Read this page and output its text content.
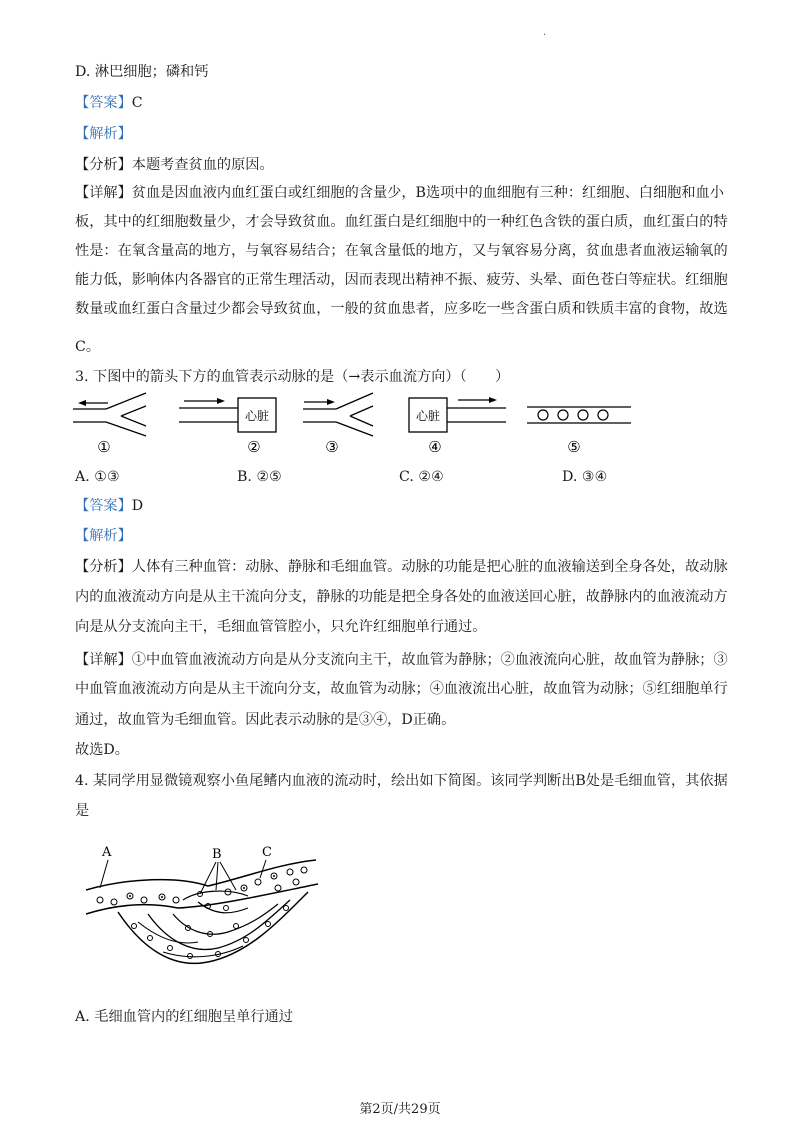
·
D. 淋巴细胞；磷和钙
【答案】C
【解析】
【分析】本题考查贫血的原因。
【详解】贫血是因血液内血红蛋白或红细胞的含量少，B选项中的血细胞有三种：红细胞、白细胞和血小
板，其中的红细胞数量少，才会导致贫血。血红蛋白是红细胞中的一种红色含铁的蛋白质，血红蛋白的特
性是：在氧含量高的地方，与氧容易结合；在氧含量低的地方，又与氧容易分离，贫血患者血液运输氧的
能力低，影响体内各器官的正常生理活动，因而表现出精神不振、疲劳、头晕、面色苍白等症状。红细胞
数量或血红蛋白含量过少都会导致贫血，一般的贫血患者，应多吃一些含蛋白质和铁质丰富的食物，故选
C。
3. 下图中的箭头下方的血管表示动脉的是（→表示血流方向）（　　）
心脏	心脏
①	②	③	④	⑤
A. ①③	B. ②⑤	C. ②④	D. ③④
【答案】D
【解析】
【分析】人体有三种血管：动脉、静脉和毛细血管。动脉的功能是把心脏的血液输送到全身各处，故动脉
内的血液流动方向是从主干流向分支，静脉的功能是把全身各处的血液送回心脏，故静脉内的血液流动方
向是从分支流向主干，毛细血管管腔小，只允许红细胞单行通过。
【详解】①中血管血液流动方向是从分支流向主干，故血管为静脉；②血液流向心脏，故血管为静脉；③
中血管血液流动方向是从主干流向分支，故血管为动脉；④血液流出心脏，故血管为动脉；⑤红细胞单行
通过，故血管为毛细血管。因此表示动脉的是③④，D正确。
故选D。
4. 某同学用显微镜观察小鱼尾鳍内血液的流动时，绘出如下简图。该同学判断出B处是毛细血管，其依据
是
A	B	C
A. 毛细血管内的红细胞呈单行通过
第2页/共29页
